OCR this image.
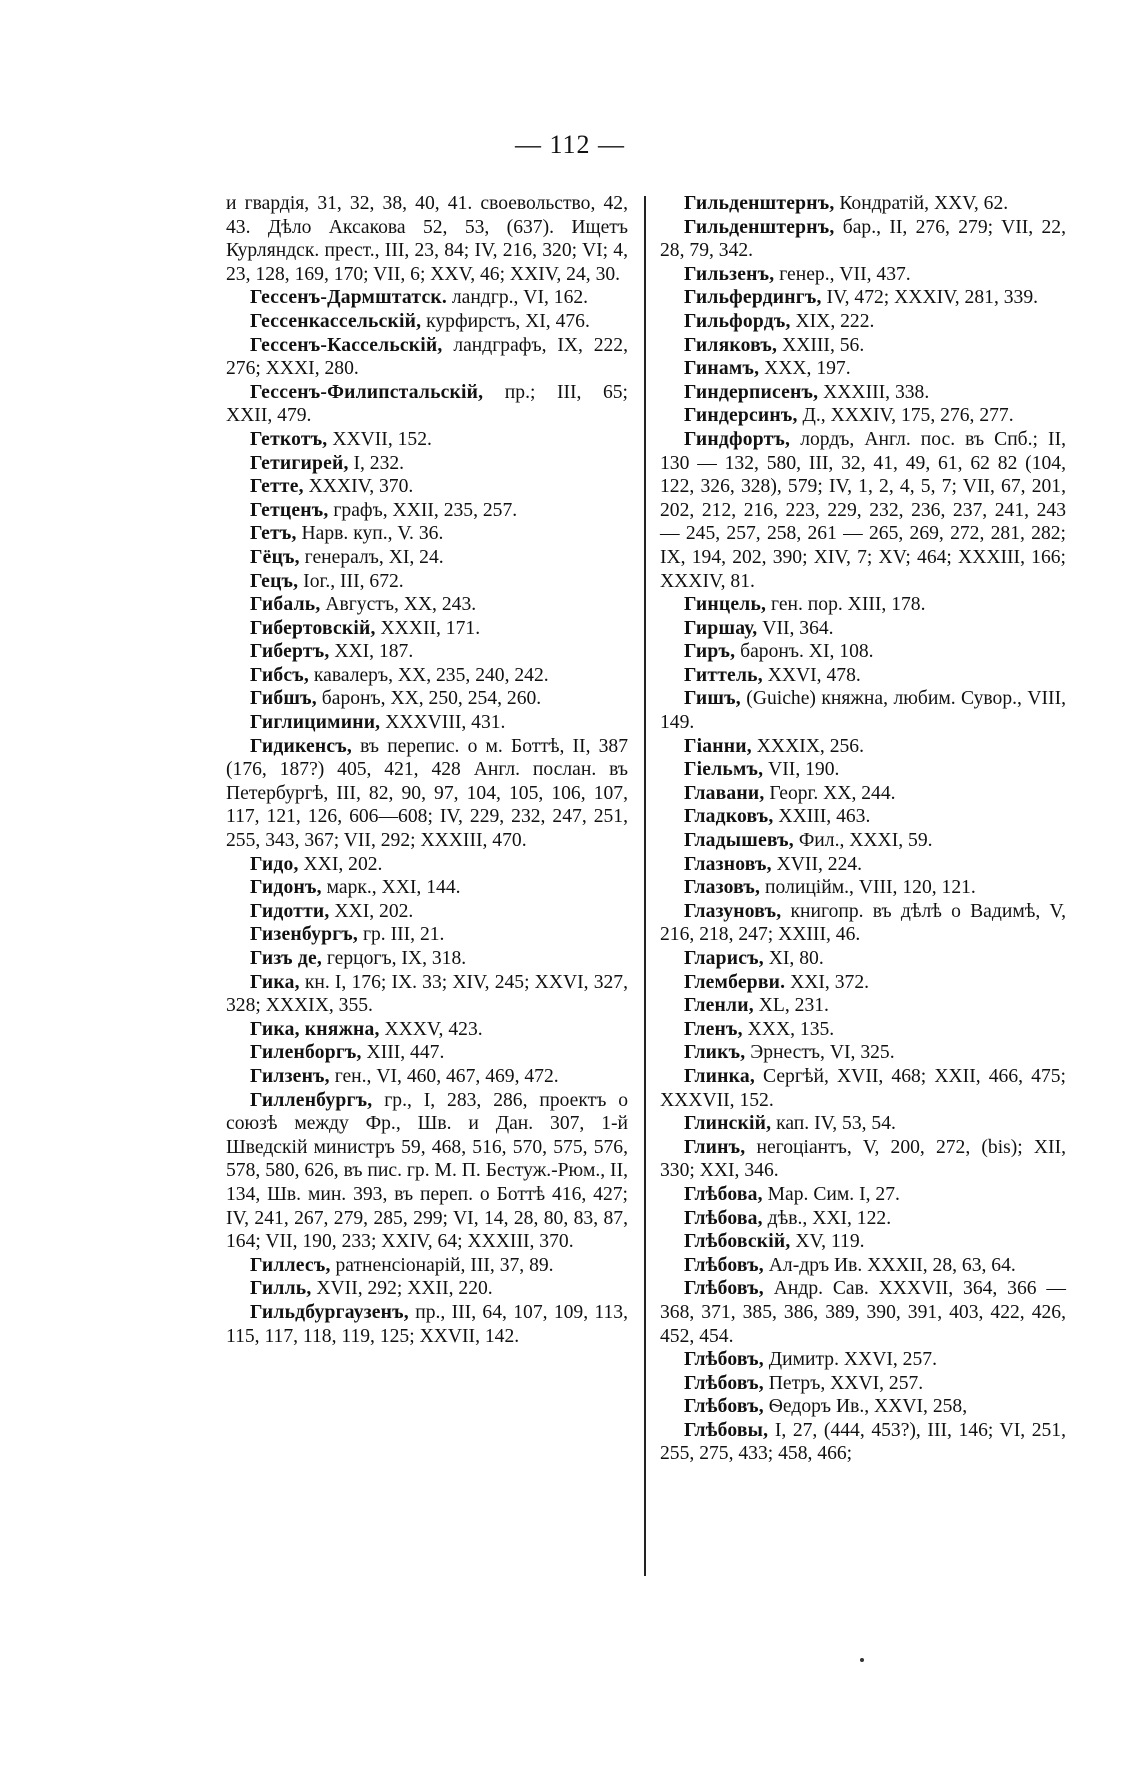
— 112 —

и гвардія, 31, 32, 38, 40, 41. своевольство, 42, 43. Дѣло Аксакова 52, 53, (637). Ищетъ Курляндск. прест., III, 23, 84; IV, 216, 320; VI; 4, 23, 128, 169, 170; VII, 6; XXV, 46; XXIV, 24, 30.

Гессенъ-Дармштатск. ландгр., VI, 162.

Гессенкассельскій, курфирстъ, XI, 476.

Гессенъ-Кассельскій, ландграфъ, IX, 222, 276; XXXI, 280.

Гессенъ-Филипстальскій, пр.; III, 65; XXII, 479.

Геткотъ, XXVII, 152.

Гетигирей, I, 232.

Гетте, XXXIV, 370.

Гетценъ, графъ, XXII, 235, 257.

Гетъ, Нарв. куп., V. 36.

Гёцъ, генералъ, XI, 24.

Гецъ, Іог., III, 672.

Гибаль, Августъ, XX, 243.

Гибертовскій, XXXII, 171.

Гибертъ, XXI, 187.

Гибсъ, кавалеръ, XX, 235, 240, 242.

Гибшъ, баронъ, XX, 250, 254, 260.

Гиглицимини, XXXVIII, 431.

Гидикенсъ, въ перепис. о м. Боттѣ, II, 387 (176, 187?) 405, 421, 428 Англ. послан. въ Петербургѣ, III, 82, 90, 97, 104, 105, 106, 107, 117, 121, 126, 606—608; IV, 229, 232, 247, 251, 255, 343, 367; VII, 292; XXXIII, 470.

Гидо, XXI, 202.

Гидонъ, марк., XXI, 144.

Гидотти, XXI, 202.

Гизенбургъ, гр. III, 21.

Гизъ де, герцогъ, IX, 318.

Гика, кн. I, 176; IX. 33; XIV, 245; XXVI, 327, 328; XXXIX, 355.

Гика, княжна, XXXV, 423.

Гиленборгъ, XIII, 447.

Гилзенъ, ген., VI, 460, 467, 469, 472.

Гилленбургъ, гр., I, 283, 286, проектъ о союзѣ между Фр., Шв. и Дан. 307, 1-й Шведскій министръ 59, 468, 516, 570, 575, 576, 578, 580, 626, въ пис. гр. М. П. Бестуж.-Рюм., II, 134, Шв. мин. 393, въ переп. о Боттѣ 416, 427; IV, 241, 267, 279, 285, 299; VI, 14, 28, 80, 83, 87, 164; VII, 190, 233; XXIV, 64; XXXIII, 370.

Гиллесъ, ратненсіонарій, III, 37, 89.

Гилль, XVII, 292; XXII, 220.

Гильдбургаузенъ, пр., III, 64, 107, 109, 113, 115, 117, 118, 119, 125; XXVII, 142.

Гильденштернъ, Кондратій, XXV, 62.

Гильденштернъ, бар., II, 276, 279; VII, 22, 28, 79, 342.

Гильзенъ, генер., VII, 437.

Гильфердингъ, IV, 472; XXXIV, 281, 339.

Гильфордъ, XIX, 222.

Гиляковъ, XXIII, 56.

Гинамъ, XXX, 197.

Гиндерписенъ, XXXIII, 338.

Гиндерсинъ, Д., XXXIV, 175, 276, 277.

Гиндфортъ, лордъ, Англ. пос. въ Спб.; II, 130 — 132, 580, III, 32, 41, 49, 61, 62 82 (104, 122, 326, 328), 579; IV, 1, 2, 4, 5, 7; VII, 67, 201, 202, 212, 216, 223, 229, 232, 236, 237, 241, 243 — 245, 257, 258, 261 — 265, 269, 272, 281, 282; IX, 194, 202, 390; XIV, 7; XV; 464; XXXIII, 166; XXXIV, 81.

Гинцель, ген. пор. XIII, 178.

Гиршау, VII, 364.

Гиръ, баронъ. XI, 108.

Гиттель, XXVI, 478.

Гишъ, (Guiche) княжна, любим. Сувор., VIII, 149.

Гіанни, XXXIX, 256.

Гіельмъ, VII, 190.

Главани, Георг. XX, 244.

Гладковъ, XXIII, 463.

Гладышевъ, Фил., XXXI, 59.

Глазновъ, XVII, 224.

Глазовъ, полиційм., VIII, 120, 121.

Глазуновъ, книгопр. въ дѣлѣ о Вадимѣ, V, 216, 218, 247; XXIII, 46.

Гларисъ, XI, 80.

Глемберви. XXI, 372.

Гленли, XL, 231.

Гленъ, XXX, 135.

Гликъ, Эрнестъ, VI, 325.

Глинка, Сергѣй, XVII, 468; XXII, 466, 475; XXXVII, 152.

Глинскій, кап. IV, 53, 54.

Глинъ, негоціантъ, V, 200, 272, (bis); XII, 330; XXI, 346.

Глѣбова, Мар. Сим. I, 27.

Глѣбова, дѣв., XXI, 122.

Глѣбовскій, XV, 119.

Глѣбовъ, Ал-дръ Ив. XXXII, 28, 63, 64.

Глѣбовъ, Андр. Сав. XXXVII, 364, 366 — 368, 371, 385, 386, 389, 390, 391, 403, 422, 426, 452, 454.

Глѣбовъ, Димитр. XXVI, 257.

Глѣбовъ, Петръ, XXVI, 257.

Глѣбовъ, Ѳедоръ Ив., XXVI, 258,

Глѣбовы, I, 27, (444, 453?), III, 146; VI, 251, 255, 275, 433; 458, 466;
